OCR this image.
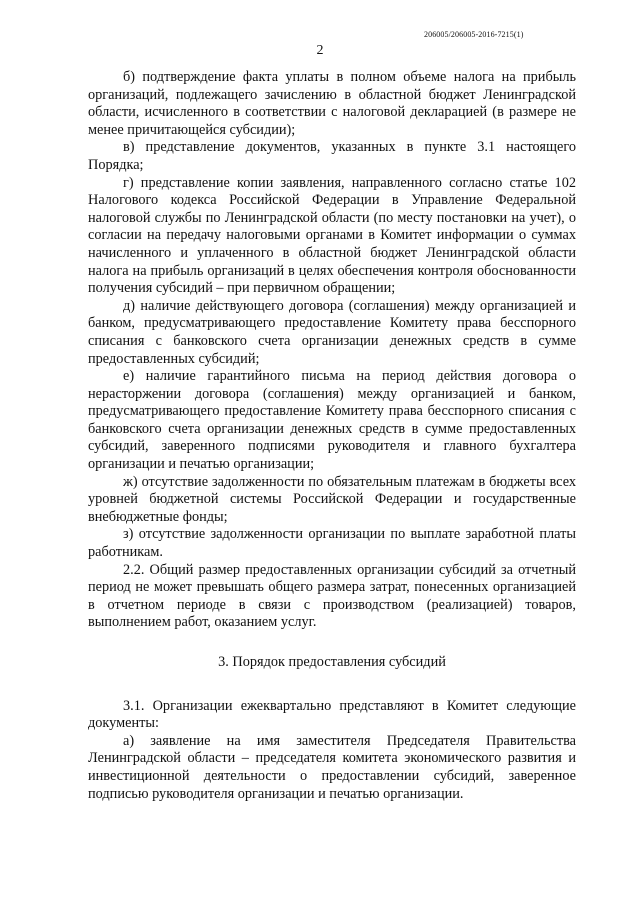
206005/206005-2016-7215(1)
2

б) подтверждение факта уплаты в полном объеме налога на прибыль организаций, подлежащего зачислению в областной бюджет Ленинградской области, исчисленного в соответствии с налоговой декларацией (в размере не менее причитающейся субсидии);

в) представление документов, указанных в пункте 3.1 настоящего Порядка;

г) представление копии заявления, направленного согласно статье 102 Налогового кодекса Российской Федерации в Управление Федеральной налоговой службы по Ленинградской области (по месту постановки на учет), о согласии на передачу налоговыми органами в Комитет информации о суммах начисленного и уплаченного в областной бюджет Ленинградской области налога на прибыль организаций в целях обеспечения контроля обоснованности получения субсидий – при первичном обращении;

д) наличие действующего договора (соглашения) между организацией и банком, предусматривающего предоставление Комитету права бесспорного списания с банковского счета организации денежных средств в сумме предоставленных субсидий;

е) наличие гарантийного письма на период действия договора о нерасторжении договора (соглашения) между организацией и банком, предусматривающего предоставление Комитету права бесспорного списания с банковского счета организации денежных средств в сумме предоставленных субсидий, заверенного подписями руководителя и главного бухгалтера организации и печатью организации;

ж) отсутствие задолженности по обязательным платежам в бюджеты всех уровней бюджетной системы Российской Федерации и государственные внебюджетные фонды;

з) отсутствие задолженности организации по выплате заработной платы работникам.

2.2. Общий размер предоставленных организации субсидий за отчетный период не может превышать общего размера затрат, понесенных организацией в отчетном периоде в связи с производством (реализацией) товаров, выполнением работ, оказанием услуг.

3. Порядок предоставления субсидий

3.1. Организации ежеквартально представляют в Комитет следующие документы:

а) заявление на имя заместителя Председателя Правительства Ленинградской области – председателя комитета экономического развития и инвестиционной деятельности о предоставлении субсидий, заверенное подписью руководителя организации и печатью организации.
